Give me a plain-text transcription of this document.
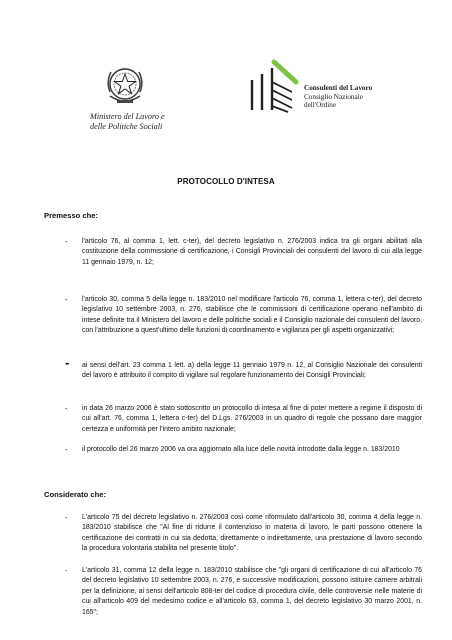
Ministero del Lavoro e
delle Politiche Sociali
Consulenti del Lavoro
Consiglio Nazionale
dell'Ordine
PROTOCOLLO D'INTESA
Premesso che:
- l'articolo 76, al comma 1, lett. c-ter), del decreto legislativo n. 276/2003 indica tra gli organi abilitati alla costituzione della commissione di certificazione, i Consigli Provinciali dei consulenti del lavoro di cui alla legge 11 gennaio 1979, n. 12;
- l'articolo 30, comma 5 della legge n. 183/2010 nel modificare l'articolo 76, comma 1, lettera c-ter), del decreto legislativo 10 settembre 2003, n. 276, stabilisce che le commissioni di certificazione operano nell'ambito di intese definite tra il Ministero del lavoro e delle politiche sociali e il Consiglio nazionale dei consulenti del lavoro, con l'attribuzione a quest'ultimo delle funzioni di coordinamento e vigilanza per gli aspetti organizzativi;
- ai sensi dell'art. 23 comma 1 lett. a) della legge 11 gennaio 1979 n. 12, al Consiglio Nazionale dei consulenti del lavoro è attribuito il compito di vigilare sul regolare funzionamento dei Consigli Provinciali;
- in data 26 marzo 2006 è stato sottoscritto un protocollo di intesa al fine di poter mettere a regime il disposto di cui all'art. 76, comma 1, lettera c-ter) del D.Lgs. 276/2003 in un quadro di regole che possano dare maggior certezza e uniformità per l'intero ambito nazionale;
- il protocollo del 26 marzo 2006 va ora aggiornato alla luce delle novità introdotte dalla legge n. 183/2010
Considerato che:
- L'articolo 75 del decreto legislativo n. 276/2003 così come riformulato dall'articolo 30, comma 4 della legge n. 183/2010 stabilisce che "Al fine di ridurre il contenzioso in materia di lavoro, le parti possono ottenere la certificazione dei contratti in cui sia dedotta, direttamente o indirettamente, una prestazione di lavoro secondo la procedura volontaria stabilita nel presente titolo".
- L'articolo 31, comma 12 della legge n. 183/2010 stabilisce che "gli organi di certificazione di cui all'articolo 76 del decreto legislativo 10 settembre 2003, n. 276, e successive modificazioni, possono istituire camere arbitrali per la definizione, ai sensi dell'articolo 808-ter del codice di procedura civile, delle controversie nelle materie di cui all'articolo 409 del medesimo codice e all'articolo 63, comma 1, del decreto legislativo 30 marzo 2001, n. 165";
